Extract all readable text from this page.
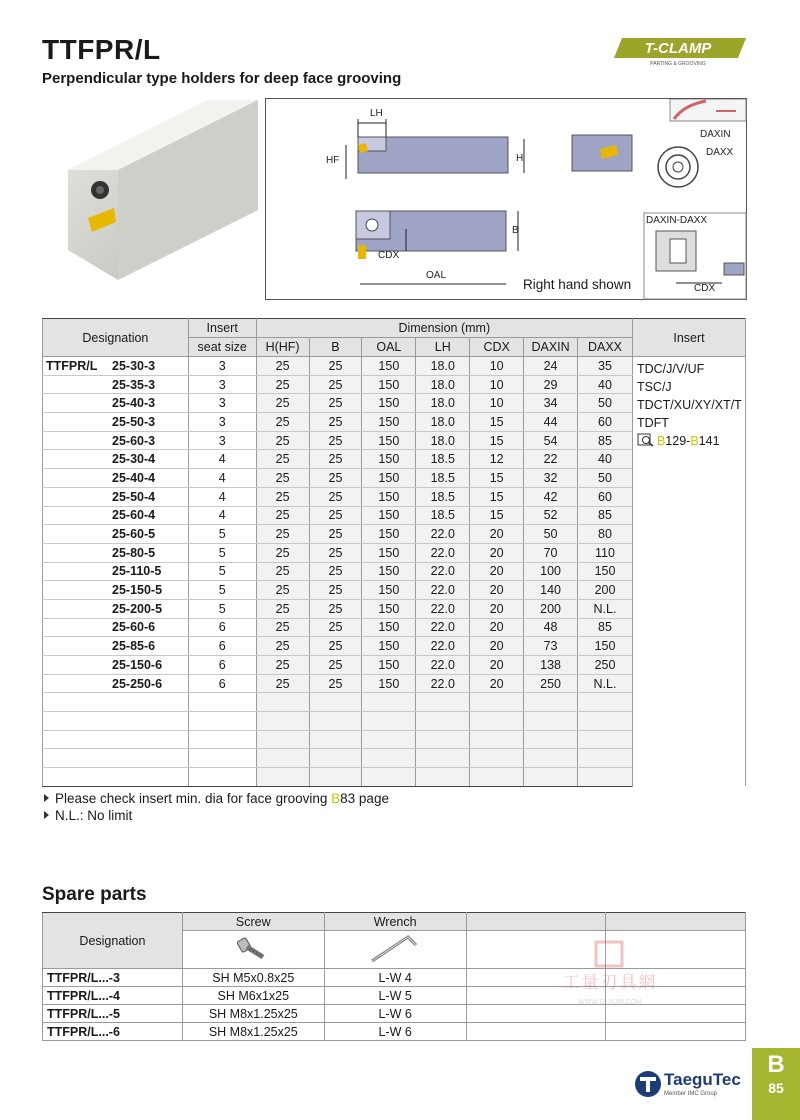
TTFPR/L	T-CLAMP
PARTING & GROOVING
Perpendicular type holders for deep face grooving
LH
HF	H
B
CDX
OAL
DAXIN
DAXX
DAXIN-DAXX
CDX
Right hand shown
Designation	Insert	Dimension (mm)							Insert
	seat size	H(HF)	B	OAL	LH	CDX	DAXIN	DAXX	
TTFPR/L 25-30-3	3	25	25	150	18.0	10	24	35	TDC/J/V/UF
TSC/J
TDCT/XU/XY/XT/T
TDFT
B129-B141

25-35-3	3	25	25	150	18.0	10	29	40	
25-40-3	3	25	25	150	18.0	10	34	50	
25-50-3	3	25	25	150	18.0	15	44	60	
25-60-3	3	25	25	150	18.0	15	54	85	
25-30-4	4	25	25	150	18.5	12	22	40	
25-40-4	4	25	25	150	18.5	15	32	50	
25-50-4	4	25	25	150	18.5	15	42	60	
25-60-4	4	25	25	150	18.5	15	52	85	
25-60-5	5	25	25	150	22.0	20	50	80	
25-80-5	5	25	25	150	22.0	20	70	110	
25-110-5	5	25	25	150	22.0	20	100	150	
25-150-5	5	25	25	150	22.0	20	140	200	
25-200-5	5	25	25	150	22.0	20	200	N.L.	
25-60-6	6	25	25	150	22.0	20	48	85	
25-85-6	6	25	25	150	22.0	20	73	150	
25-150-6	6	25	25	150	22.0	20	138	250	
25-250-6	6	25	25	150	22.0	20	250	N.L.	

Please check insert min. dia for face grooving B83 page
N.L.: No limit
Spare parts
Designation	Screw	Wrench		

TTFPR/L...-3	SH M5x0.8x25	L-W 4		
TTFPR/L...-4	SH M6x1x25	L-W 5		
TTFPR/L...-5	SH M8x1.25x25	L-W 6		
TTFPR/L...-6	SH M8x1.25x25	L-W 6		
工量刃具網
WWW.GLRJW.COM
TaeguTec
Member IMC Group
B
85
